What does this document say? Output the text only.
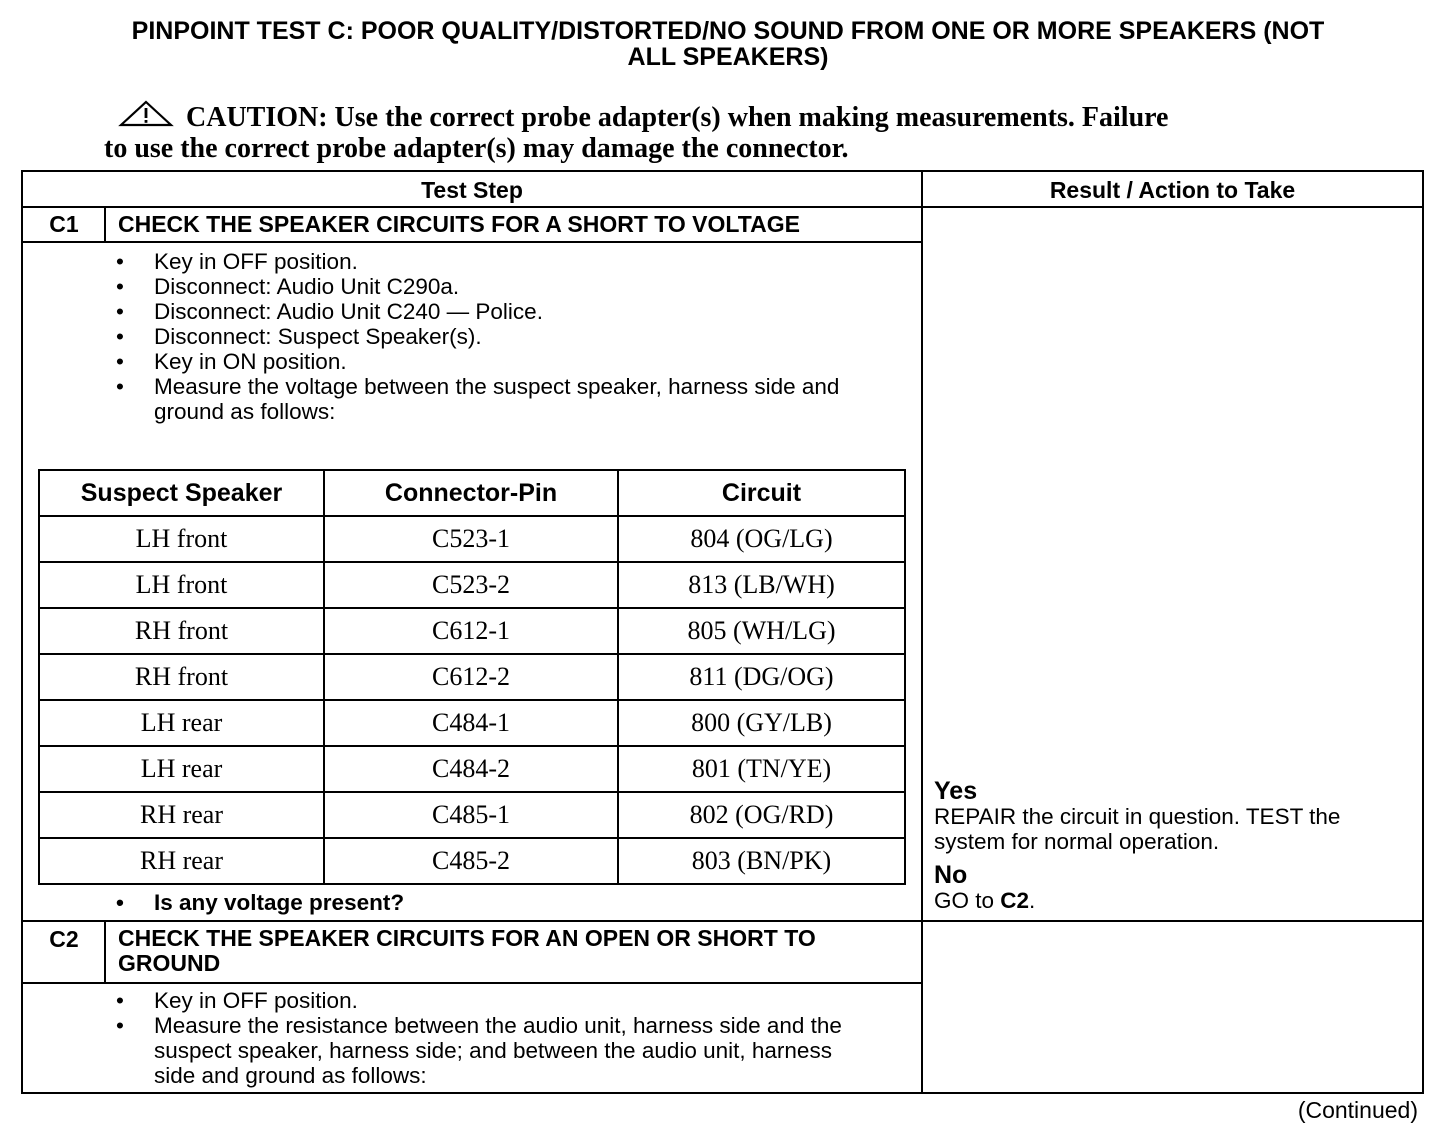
PINPOINT TEST C: POOR QUALITY/DISTORTED/NO SOUND FROM ONE OR MORE SPEAKERS (NOT
ALL SPEAKERS)
CAUTION: Use the correct probe adapter(s) when making measurements. Failure
to use the correct probe adapter(s) may damage the connector.
Test Step	Result / Action to Take
C1	CHECK THE SPEAKER CIRCUITS FOR A SHORT TO VOLTAGE
• Key in OFF position.
• Disconnect: Audio Unit C290a.
• Disconnect: Audio Unit C240 — Police.
• Disconnect: Suspect Speaker(s).
• Key in ON position.
• Measure the voltage between the suspect speaker, harness side and ground as follows:
Suspect Speaker	Connector-Pin	Circuit
LH front	C523-1	804 (OG/LG)
LH front	C523-2	813 (LB/WH)
RH front	C612-1	805 (WH/LG)
RH front	C612-2	811 (DG/OG)
LH rear	C484-1	800 (GY/LB)
LH rear	C484-2	801 (TN/YE)
RH rear	C485-1	802 (OG/RD)
RH rear	C485-2	803 (BN/PK)
• Is any voltage present?
Yes
REPAIR the circuit in question. TEST the system for normal operation.
No
GO to C2.
C2	CHECK THE SPEAKER CIRCUITS FOR AN OPEN OR SHORT TO GROUND
• Key in OFF position.
• Measure the resistance between the audio unit, harness side and the suspect speaker, harness side; and between the audio unit, harness side and ground as follows:
(Continued)
